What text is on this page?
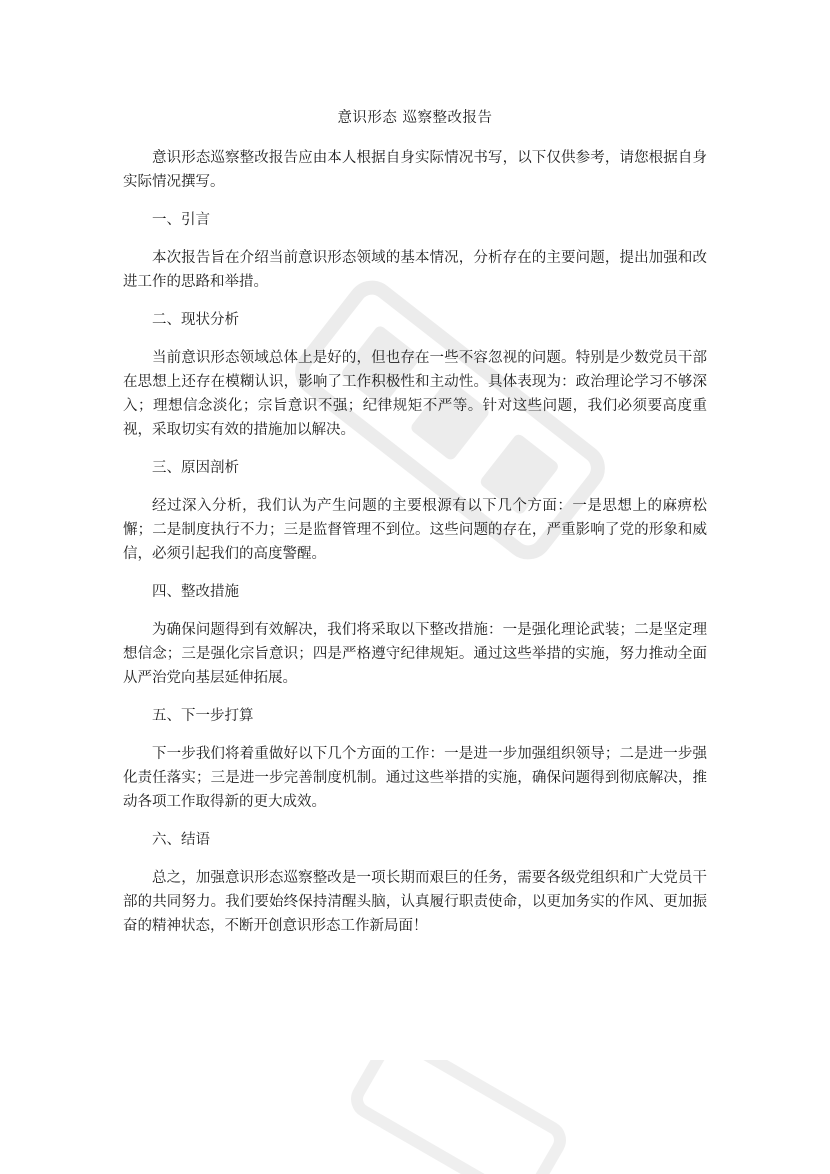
意识形态 巡察整改报告

意识形态巡察整改报告应由本人根据自身实际情况书写，以下仅供参考，请您根据自身实际情况撰写。

一、引言

本次报告旨在介绍当前意识形态领域的基本情况，分析存在的主要问题，提出加强和改进工作的思路和举措。

二、现状分析

当前意识形态领域总体上是好的，但也存在一些不容忽视的问题。特别是少数党员干部在思想上还存在模糊认识，影响了工作积极性和主动性。具体表现为：政治理论学习不够深入；理想信念淡化；宗旨意识不强；纪律规矩不严等。针对这些问题，我们必须要高度重视，采取切实有效的措施加以解决。

三、原因剖析

经过深入分析，我们认为产生问题的主要根源有以下几个方面：一是思想上的麻痹松懈；二是制度执行不力；三是监督管理不到位。这些问题的存在，严重影响了党的形象和威信，必须引起我们的高度警醒。

四、整改措施

为确保问题得到有效解决，我们将采取以下整改措施：一是强化理论武装；二是坚定理想信念；三是强化宗旨意识；四是严格遵守纪律规矩。通过这些举措的实施，努力推动全面从严治党向基层延伸拓展。

五、下一步打算

下一步我们将着重做好以下几个方面的工作：一是进一步加强组织领导；二是进一步强化责任落实；三是进一步完善制度机制。通过这些举措的实施，确保问题得到彻底解决，推动各项工作取得新的更大成效。

六、结语

总之，加强意识形态巡察整改是一项长期而艰巨的任务，需要各级党组织和广大党员干部的共同努力。我们要始终保持清醒头脑，认真履行职责使命，以更加务实的作风、更加振奋的精神状态，不断开创意识形态工作新局面！
